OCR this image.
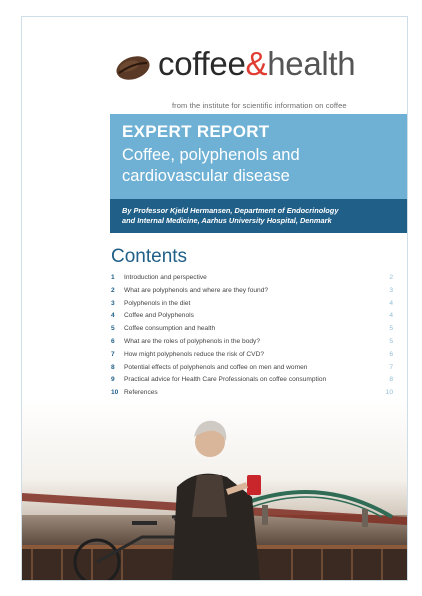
coffee&health
from the institute for scientific information on coffee
EXPERT REPORT
Coffee, polyphenols and
cardiovascular disease
By Professor Kjeld Hermansen, Department of Endocrinology
and Internal Medicine, Aarhus University Hospital, Denmark
Contents
1 Introduction and perspective	2
2 What are polyphenols and where are they found?	3
3 Polyphenols in the diet	4
4 Coffee and Polyphenols	4
5 Coffee consumption and health	5
6 What are the roles of polyphenols in the body?	5
7 How might polyphenols reduce the risk of CVD?	6
8 Potential effects of polyphenols and coffee on men and women	7
9 Practical advice for Health Care Professionals on coffee consumption	8
10 References	10
